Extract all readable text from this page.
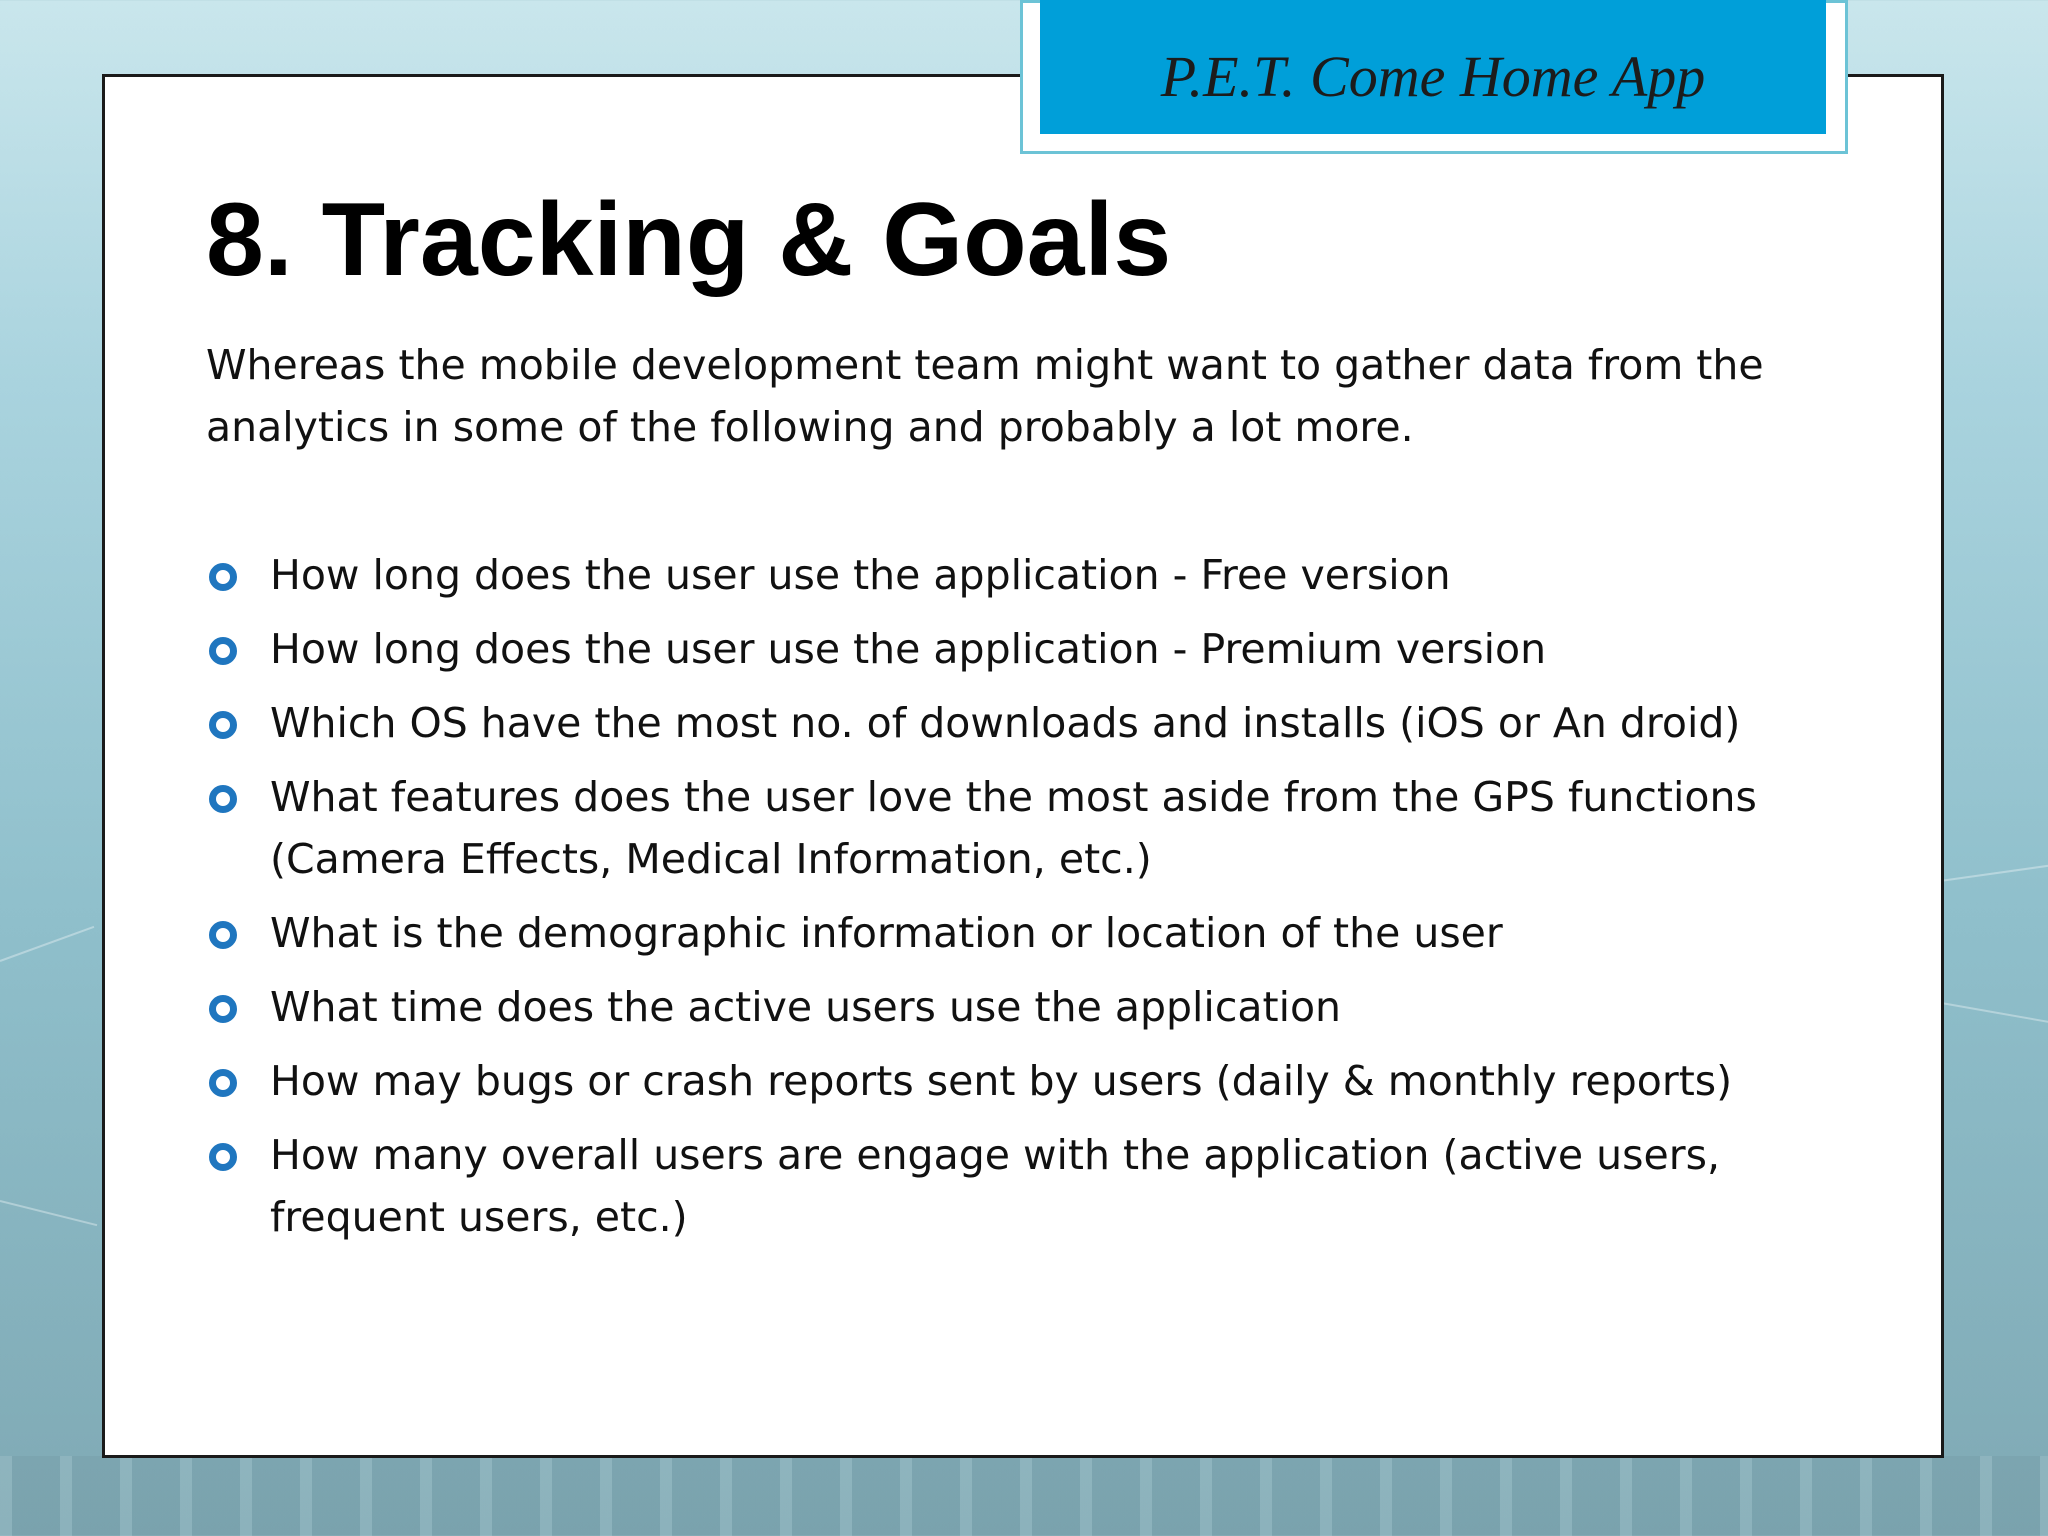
P.E.T. Come Home App
8. Tracking & Goals

Whereas the mobile development team might want to gather data from the analytics in some of the following and probably a lot more.

How long does the user use the application - Free version
How long does the user use the application - Premium version
Which OS have the most no. of downloads and installs (iOS or An droid)
What features does the user love the most aside from the GPS functions (Camera Effects, Medical Information, etc.)
What is the demographic information or location of the user
What time does the active users use the application
How may bugs or crash reports sent by users (daily & monthly reports)
How many overall users are engage with the application (active users, frequent users, etc.)
